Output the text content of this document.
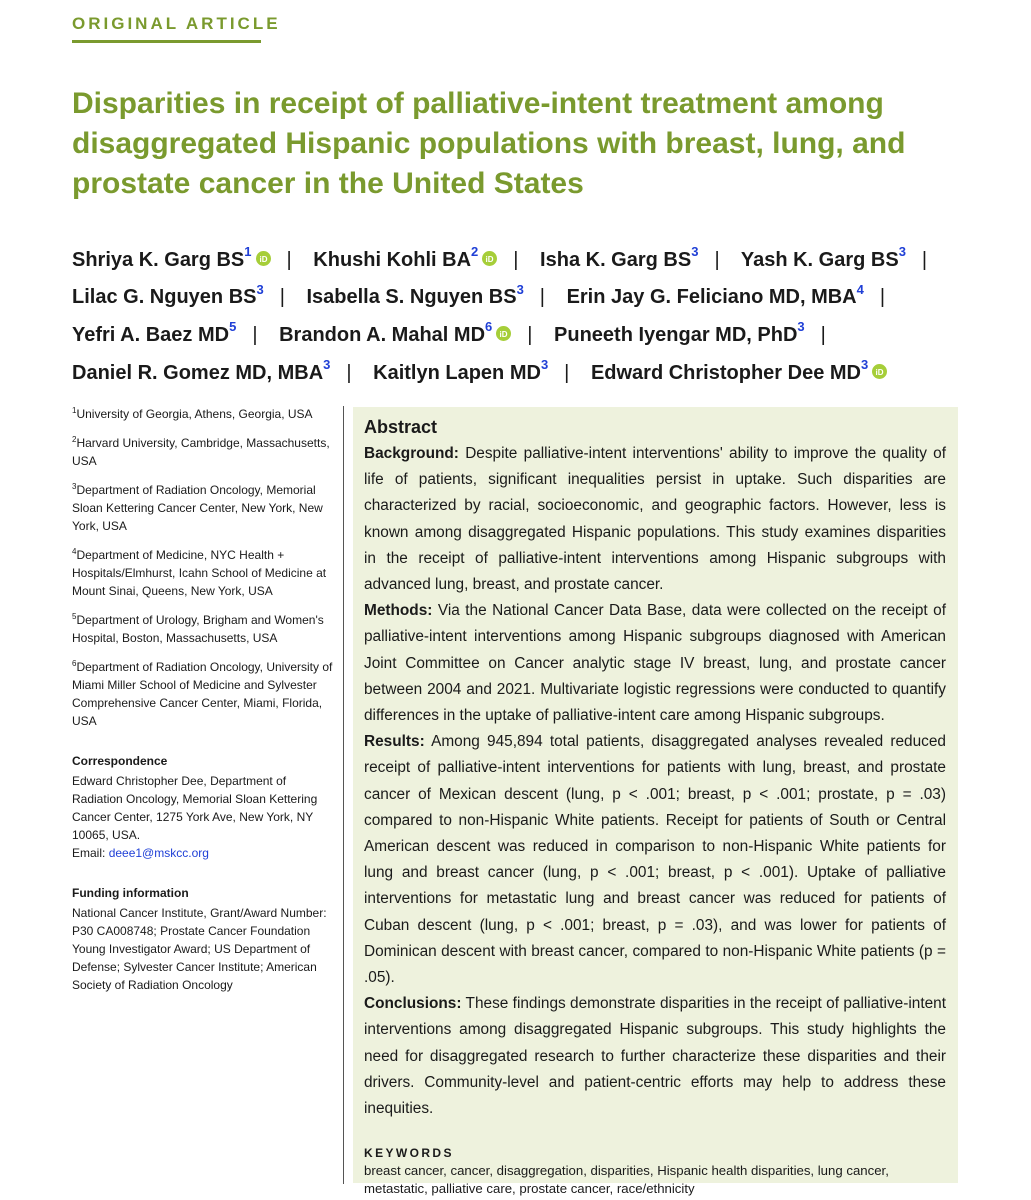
ORIGINAL ARTICLE
Disparities in receipt of palliative-intent treatment among disaggregated Hispanic populations with breast, lung, and prostate cancer in the United States
Shriya K. Garg $BS^1$
iD | Khushi Kohli $BA^2$
iD | Isha K. Garg $BS^3$ | Yash K. Garg $BS^3$ | Lilac G. Nguyen $BS^3$ | Isabella S. Nguyen $BS^3$ | Erin Jay G. Feliciano MD, MBA$^4$ | Yefri A. Baez $MD^5$ | Brandon A. Mahal $MD^6$
iD | Puneeth Iyengar MD, PhD$^3$ | Daniel R. Gomez MD, MBA$^3$ | Kaitlyn Lapen $MD^3$ | Edward Christopher Dee $MD^3$
iD
$^1$University of Georgia, Athens, Georgia, USA
$^2$Harvard University, Cambridge, Massachusetts, USA
$^3$Department of Radiation Oncology, Memorial Sloan Kettering Cancer Center, New York, New York, USA
$^4$Department of Medicine, NYC Health + Hospitals/Elmhurst, Icahn School of Medicine at Mount Sinai, Queens, New York, USA
$^5$Department of Urology, Brigham and Women's Hospital, Boston, Massachusetts, USA
$^6$Department of Radiation Oncology, University of Miami Miller School of Medicine and Sylvester Comprehensive Cancer Center, Miami, Florida, USA
Correspondence
Edward Christopher Dee, Department of Radiation Oncology, Memorial Sloan Kettering Cancer Center, 1275 York Ave, New York, NY 10065, USA.
Email: deee1@mskcc.org
Funding information
National Cancer Institute, Grant/Award Number: P30 CA008748; Prostate Cancer Foundation Young Investigator Award; US Department of Defense; Sylvester Cancer Institute; American Society of Radiation Oncology
Abstract

Background: Despite palliative-intent interventions' ability to improve the quality of life of patients, significant inequalities persist in uptake. Such disparities are characterized by racial, socioeconomic, and geographic factors. However, less is known among disaggregated Hispanic populations. This study examines disparities in the receipt of palliative-intent interventions among Hispanic subgroups with advanced lung, breast, and prostate cancer.

Methods: Via the National Cancer Data Base, data were collected on the receipt of palliative-intent interventions among Hispanic subgroups diagnosed with American Joint Committee on Cancer analytic stage IV breast, lung, and prostate cancer between 2004 and 2021. Multivariate logistic regressions were conducted to quantify differences in the uptake of palliative-intent care among Hispanic subgroups.

Results: Among 945,894 total patients, disaggregated analyses revealed reduced receipt of palliative-intent interventions for patients with lung, breast, and prostate cancer of Mexican descent (lung, p < .001; breast, p < .001; prostate, p = .03) compared to non-Hispanic White patients. Receipt for patients of South or Central American descent was reduced in comparison to non-Hispanic White patients for lung and breast cancer (lung, p < .001; breast, p < .001). Uptake of palliative interventions for metastatic lung and breast cancer was reduced for patients of Cuban descent (lung, p < .001; breast, p = .03), and was lower for patients of Dominican descent with breast cancer, compared to non-Hispanic White patients (p = .05).

Conclusions: These findings demonstrate disparities in the receipt of palliative-intent interventions among disaggregated Hispanic subgroups. This study highlights the need for disaggregated research to further characterize these disparities and their drivers. Community-level and patient-centric efforts may help to address these inequities.

KEYWORDS
breast cancer, cancer, disaggregation, disparities, Hispanic health disparities, lung cancer, metastatic, palliative care, prostate cancer, race/ethnicity
